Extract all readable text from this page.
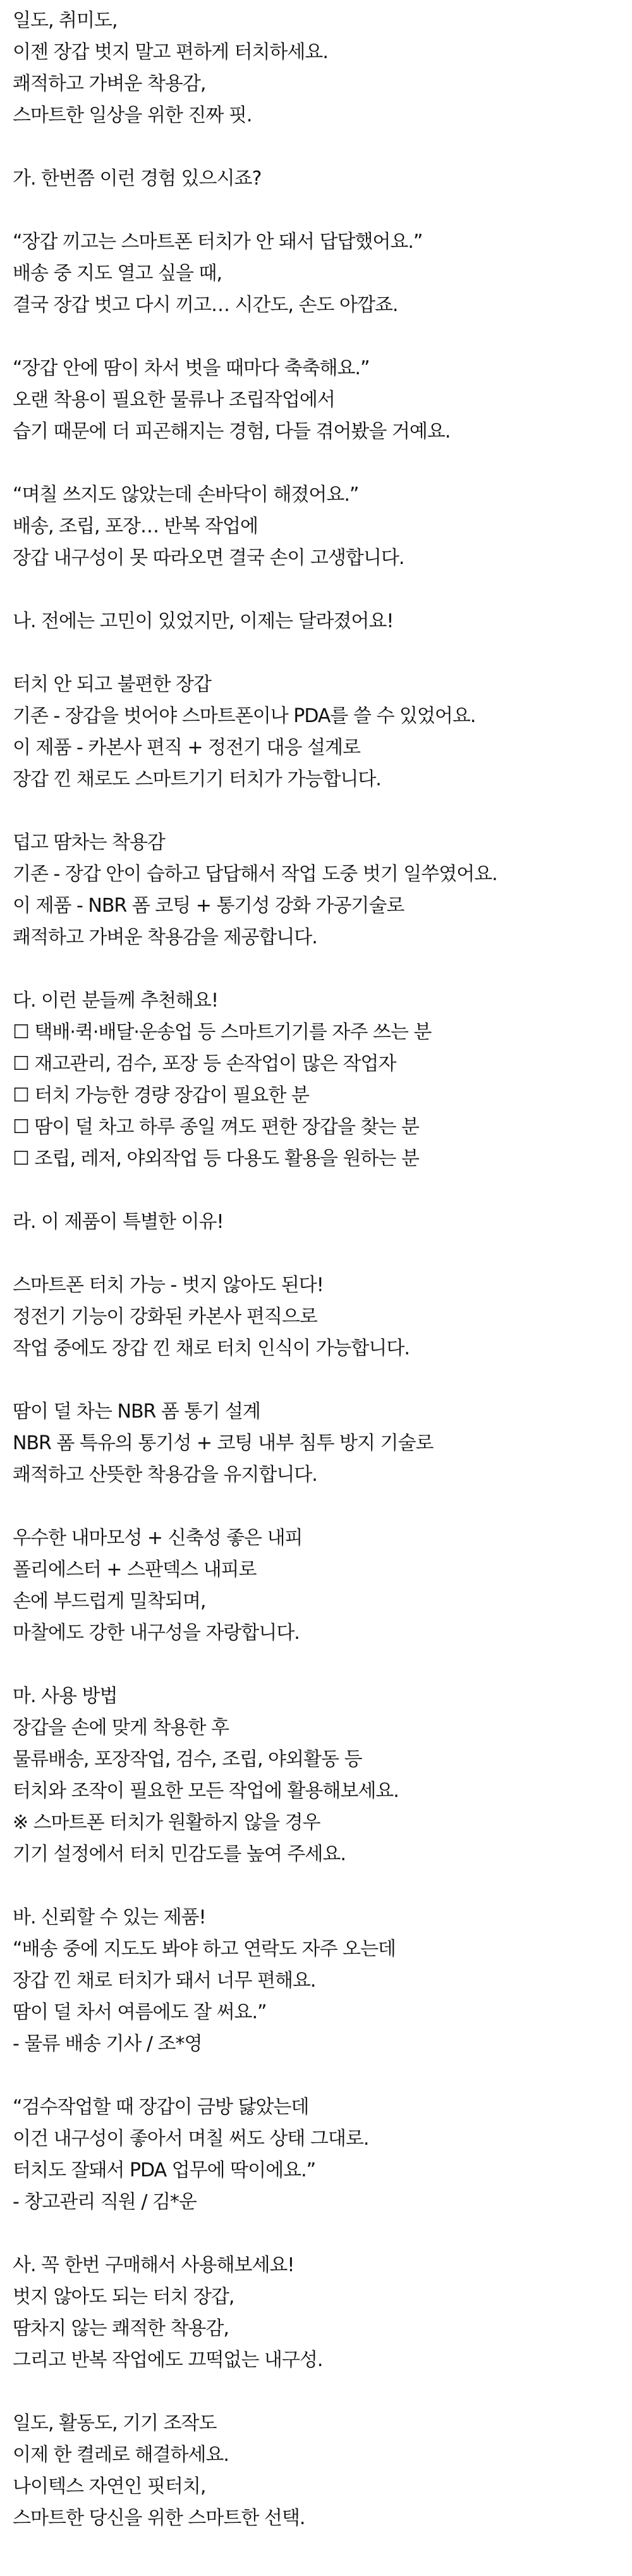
일도, 취미도,
이젠 장갑 벗지 말고 편하게 터치하세요.
쾌적하고 가벼운 착용감,
스마트한 일상을 위한 진짜 핏.
가. 한번쯤 이런 경험 있으시죠?
“장갑 끼고는 스마트폰 터치가 안 돼서 답답했어요.”
배송 중 지도 열고 싶을 때,
결국 장갑 벗고 다시 끼고… 시간도, 손도 아깝죠.
“장갑 안에 땀이 차서 벗을 때마다 축축해요.”
오랜 착용이 필요한 물류나 조립작업에서
습기 때문에 더 피곤해지는 경험, 다들 겪어봤을 거예요.
“며칠 쓰지도 않았는데 손바닥이 해졌어요.”
배송, 조립, 포장… 반복 작업에
장갑 내구성이 못 따라오면 결국 손이 고생합니다.
나. 전에는 고민이 있었지만, 이제는 달라졌어요!
터치 안 되고 불편한 장갑
기존 - 장갑을 벗어야 스마트폰이나 PDA를 쓸 수 있었어요.
이 제품 - 카본사 편직 + 정전기 대응 설계로
장갑 낀 채로도 스마트기기 터치가 가능합니다.
덥고 땀차는 착용감
기존 - 장갑 안이 습하고 답답해서 작업 도중 벗기 일쑤였어요.
이 제품 - NBR 폼 코팅 + 통기성 강화 가공기술로
쾌적하고 가벼운 착용감을 제공합니다.
다. 이런 분들께 추천해요!
☐ 택배·퀵·배달·운송업 등 스마트기기를 자주 쓰는 분
☐ 재고관리, 검수, 포장 등 손작업이 많은 작업자
☐ 터치 가능한 경량 장갑이 필요한 분
☐ 땀이 덜 차고 하루 종일 껴도 편한 장갑을 찾는 분
☐ 조립, 레저, 야외작업 등 다용도 활용을 원하는 분
라. 이 제품이 특별한 이유!
스마트폰 터치 가능 - 벗지 않아도 된다!
정전기 기능이 강화된 카본사 편직으로
작업 중에도 장갑 낀 채로 터치 인식이 가능합니다.
땀이 덜 차는 NBR 폼 통기 설계
NBR 폼 특유의 통기성 + 코팅 내부 침투 방지 기술로
쾌적하고 산뜻한 착용감을 유지합니다.
우수한 내마모성 + 신축성 좋은 내피
폴리에스터 + 스판덱스 내피로
손에 부드럽게 밀착되며,
마찰에도 강한 내구성을 자랑합니다.
마. 사용 방법
장갑을 손에 맞게 착용한 후
물류배송, 포장작업, 검수, 조립, 야외활동 등
터치와 조작이 필요한 모든 작업에 활용해보세요.
※ 스마트폰 터치가 원활하지 않을 경우
기기 설정에서 터치 민감도를 높여 주세요.
바. 신뢰할 수 있는 제품!
“배송 중에 지도도 봐야 하고 연락도 자주 오는데
장갑 낀 채로 터치가 돼서 너무 편해요.
땀이 덜 차서 여름에도 잘 써요.”
- 물류 배송 기사 / 조*영
“검수작업할 때 장갑이 금방 닳았는데
이건 내구성이 좋아서 며칠 써도 상태 그대로.
터치도 잘돼서 PDA 업무에 딱이에요.”
- 창고관리 직원 / 김*운
사. 꼭 한번 구매해서 사용해보세요!
벗지 않아도 되는 터치 장갑,
땀차지 않는 쾌적한 착용감,
그리고 반복 작업에도 끄떡없는 내구성.
일도, 활동도, 기기 조작도
이제 한 켤레로 해결하세요.
나이텍스 자연인 핏터치,
스마트한 당신을 위한 스마트한 선택.
